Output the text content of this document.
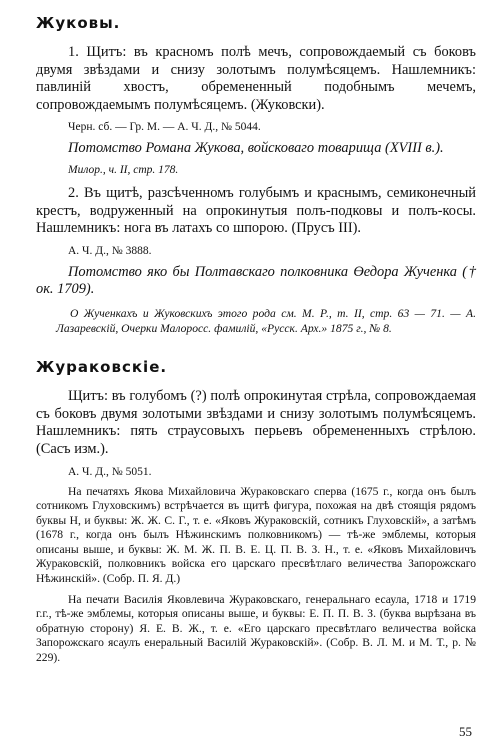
Жуковы.

1. Щитъ: въ красномъ полѣ мечъ, сопровождаемый съ боковъ двумя звѣздами и снизу золотымъ полумѣсяцемъ. Нашлемникъ: павлиній хвостъ, обремененный подобнымъ мечемъ, сопровождаемымъ полумѣсяцемъ. (Жуковски).

Черн. сб. — Гр. М. — А. Ч. Д., № 5044.

Потомство Романа Жукова, войсковаго товарища (XVIII в.).

Милор., ч. II, стр. 178.

2. Въ щитѣ, разсѣченномъ голубымъ и краснымъ, семиконечный крестъ, водруженный на опрокинутыя полъ-подковы и полъ-косы. Нашлемникъ: нога въ латахъ со шпорою. (Прусъ III).

А. Ч. Д., № 3888.

Потомство яко бы Полтавскаго полковника Өедора Жученка († ок. 1709).

О Жученкахъ и Жуковскихъ этого рода см. М. Р., т. II, стр. 63 — 71. — А. Лазаревскій, Очерки Малоросс. фамилій, «Русск. Арх.» 1875 г., № 8.

Жураковскіе.

Щитъ: въ голубомъ (?) полѣ опрокинутая стрѣла, сопровождаемая съ боковъ двумя золотыми звѣздами и снизу золотымъ полумѣсяцемъ. Нашлемникъ: пять страусовыхъ перьевъ обремененныхъ стрѣлою. (Сасъ изм.).

А. Ч. Д., № 5051.

На печатяхъ Якова Михайловича Жураковскаго сперва (1675 г., когда онъ былъ сотникомъ Глуховскимъ) встрѣчается въ щитѣ фигура, похожая на двѣ стоящія рядомъ буквы Н, и буквы: Ж. Ж. С. Г., т. е. «Яковъ Жураковскій, сотникъ Глуховскій», а затѣмъ (1678 г., когда онъ былъ Нѣжинскимъ полковникомъ) — тѣ-же эмблемы, которыя описаны выше, и буквы: Ж. М. Ж. П. В. Е. Ц. П. В. З. Н., т. е. «Яковъ Михайловичъ Жураковскій, полковникъ войска его царскаго пресвѣтлаго величества Запорожскаго Нѣжинскій». (Собр. П. Я. Д.)

На печати Василія Яковлевича Жураковскаго, генеральнаго есаула, 1718 и 1719 г.г., тѣ-же эмблемы, которыя описаны выше, и буквы: Е. П. П. В. З. (буква вырѣзана въ обратную сторону) Я. Е. В. Ж., т. е. «Его царскаго пресвѣтлаго величества войска Запорожскаго ясаулъ енеральный Василій Жураковскій». (Собр. В. Л. М. и М. Т., р. № 229).

55
